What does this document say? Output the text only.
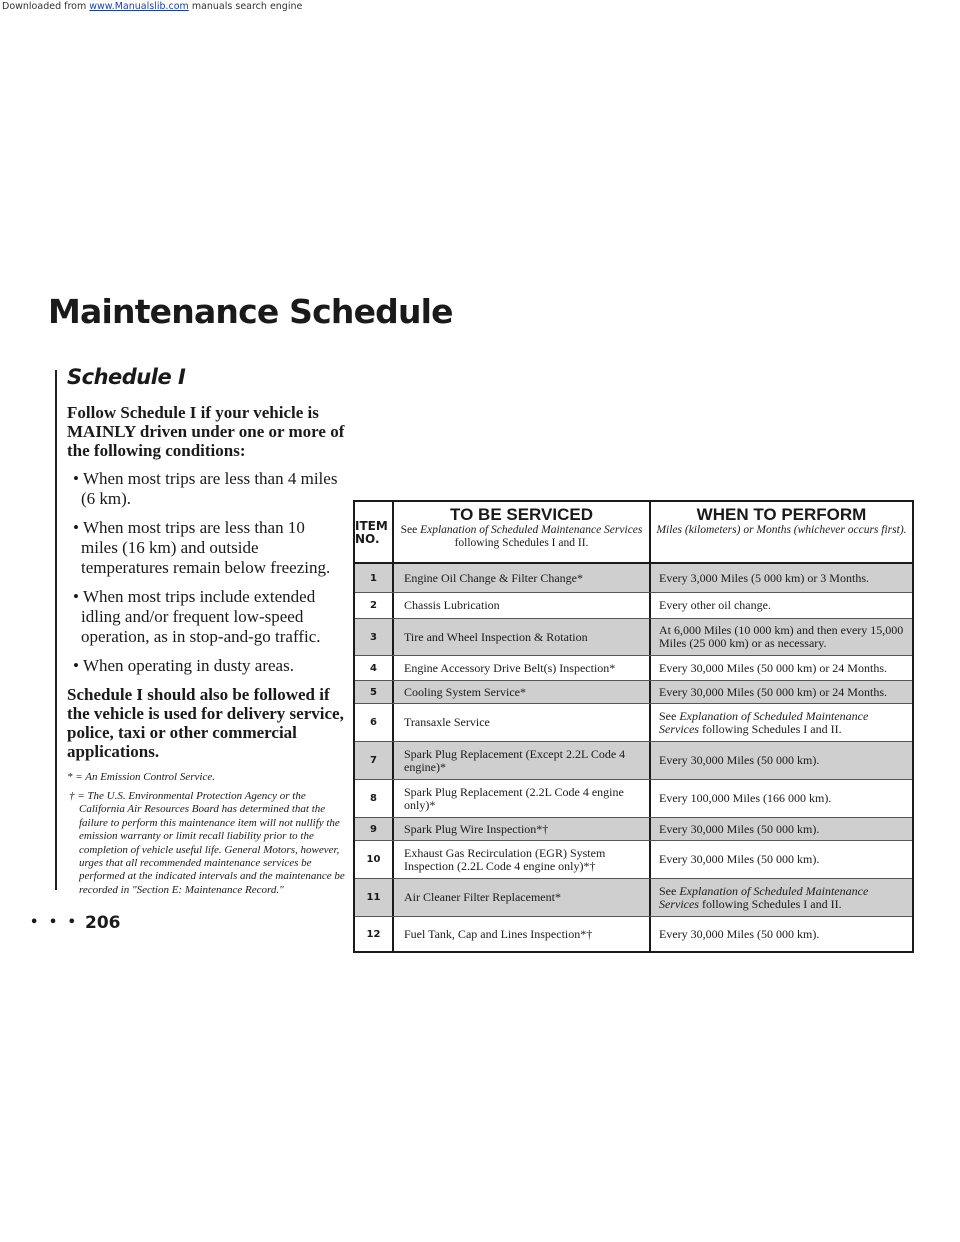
Downloaded from www.Manualslib.com manuals search engine
Maintenance Schedule
Schedule I

Follow Schedule I if your vehicle is MAINLY driven under one or more of the following conditions:

• When most trips are less than 4 miles (6 km).
• When most trips are less than 10 miles (16 km) and outside temperatures remain below freezing.
• When most trips include extended idling and/or frequent low-speed operation, as in stop-and-go traffic.
• When operating in dusty areas.

Schedule I should also be followed if the vehicle is used for delivery service, police, taxi or other commercial applications.

* = An Emission Control Service.

† = The U.S. Environmental Protection Agency or the California Air Resources Board has determined that the failure to perform this maintenance item will not nullify the emission warranty or limit recall liability prior to the completion of vehicle useful life. General Motors, however, urges that all recommended maintenance services be performed at the indicated intervals and the maintenance be recorded in "Section E: Maintenance Record."

• • • 206
ITEM NO.
TO BE SERVICED
See Explanation of Scheduled Maintenance Services following Schedules I and II.
WHEN TO PERFORM
Miles (kilometers) or Months (whichever occurs first).
1	Engine Oil Change & Filter Change*	Every 3,000 Miles (5 000 km) or 3 Months.
2	Chassis Lubrication	Every other oil change.
3	Tire and Wheel Inspection & Rotation	At 6,000 Miles (10 000 km) and then every 15,000 Miles (25 000 km) or as necessary.
4	Engine Accessory Drive Belt(s) Inspection*	Every 30,000 Miles (50 000 km) or 24 Months.
5	Cooling System Service*	Every 30,000 Miles (50 000 km) or 24 Months.
6	Transaxle Service	See Explanation of Scheduled Maintenance Services following Schedules I and II.
7	Spark Plug Replacement (Except 2.2L Code 4 engine)*	Every 30,000 Miles (50 000 km).
8	Spark Plug Replacement (2.2L Code 4 engine only)*	Every 100,000 Miles (166 000 km).
9	Spark Plug Wire Inspection*†	Every 30,000 Miles (50 000 km).
10	Exhaust Gas Recirculation (EGR) System Inspection (2.2L Code 4 engine only)*†	Every 30,000 Miles (50 000 km).
11	Air Cleaner Filter Replacement*	See Explanation of Scheduled Maintenance Services following Schedules I and II.
12	Fuel Tank, Cap and Lines Inspection*†	Every 30,000 Miles (50 000 km).
